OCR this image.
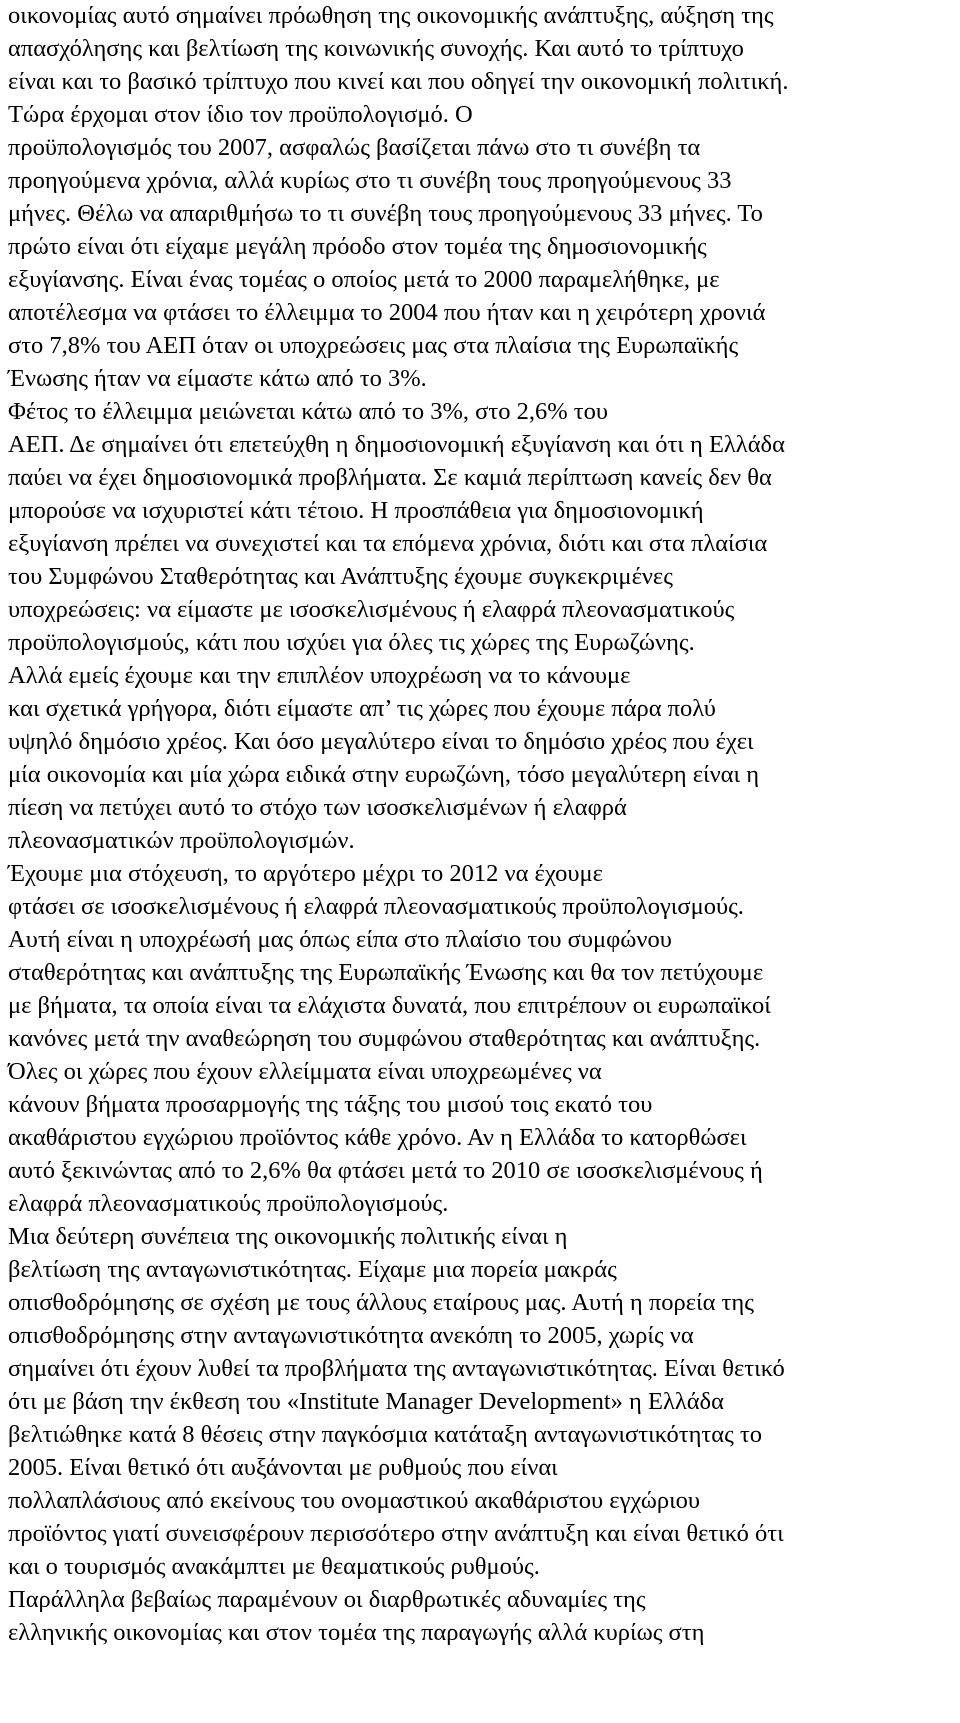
οικονομίας αυτό σημαίνει πρόωθηση της οικονομικής ανάπτυξης, αύξηση της

απασχόλησης και βελτίωση της κοινωνικής συνοχής. Και αυτό το τρίπτυχο

είναι και το βασικό τρίπτυχο που κινεί και που οδηγεί την οικονομική πολιτική.

Τώρα έρχομαι στον ίδιο τον προϋπολογισμό. Ο

προϋπολογισμός του 2007, ασφαλώς βασίζεται πάνω στο τι συνέβη τα

προηγούμενα χρόνια, αλλά κυρίως στο τι συνέβη τους προηγούμενους 33

μήνες. Θέλω να απαριθμήσω το τι συνέβη τους προηγούμενους 33 μήνες. Το

πρώτο είναι ότι είχαμε μεγάλη πρόοδο στον τομέα της δημοσιονομικής

εξυγίανσης. Είναι ένας τομέας ο οποίος μετά το 2000 παραμελήθηκε, με

αποτέλεσμα να φτάσει το έλλειμμα το 2004 που ήταν και η χειρότερη χρονιά

στο 7,8% του ΑΕΠ όταν οι υποχρεώσεις μας στα πλαίσια της Ευρωπαϊκής

Ένωσης ήταν να είμαστε κάτω από το 3%.

Φέτος το έλλειμμα μειώνεται κάτω από το 3%, στο 2,6% του

ΑΕΠ. Δε σημαίνει ότι επετεύχθη η δημοσιονομική εξυγίανση και ότι η Ελλάδα

παύει να έχει δημοσιονομικά προβλήματα. Σε καμιά περίπτωση κανείς δεν θα

μπορούσε να ισχυριστεί κάτι τέτοιο. Η προσπάθεια για δημοσιονομική

εξυγίανση πρέπει να συνεχιστεί και τα επόμενα χρόνια, διότι και στα πλαίσια

του Συμφώνου Σταθερότητας και Ανάπτυξης έχουμε συγκεκριμένες

υποχρεώσεις: να είμαστε με ισοσκελισμένους ή ελαφρά πλεονασματικούς

προϋπολογισμούς, κάτι που ισχύει για όλες τις χώρες της Ευρωζώνης.

Αλλά εμείς έχουμε και την επιπλέον υποχρέωση να το κάνουμε

και σχετικά γρήγορα, διότι είμαστε απ’ τις χώρες που έχουμε πάρα πολύ

υψηλό δημόσιο χρέος. Και όσο μεγαλύτερο είναι το δημόσιο χρέος που έχει

μία οικονομία και μία χώρα ειδικά στην ευρωζώνη, τόσο μεγαλύτερη είναι η

πίεση να πετύχει αυτό το στόχο των ισοσκελισμένων ή ελαφρά

πλεονασματικών προϋπολογισμών.

Έχουμε μια στόχευση, το αργότερο μέχρι το 2012 να έχουμε

φτάσει σε ισοσκελισμένους ή ελαφρά πλεονασματικούς προϋπολογισμούς.

Αυτή είναι η υποχρέωσή μας όπως είπα στο πλαίσιο του συμφώνου

σταθερότητας και ανάπτυξης της Ευρωπαϊκής Ένωσης και θα τον πετύχουμε

με βήματα, τα οποία είναι τα ελάχιστα δυνατά, που επιτρέπουν οι ευρωπαϊκοί

κανόνες μετά την αναθεώρηση του συμφώνου σταθερότητας και ανάπτυξης.

Όλες οι χώρες που έχουν ελλείμματα είναι υποχρεωμένες να

κάνουν βήματα προσαρμογής της τάξης του μισού τοις εκατό του

ακαθάριστου εγχώριου προϊόντος κάθε χρόνο. Αν η Ελλάδα το κατορθώσει

αυτό ξεκινώντας από το 2,6% θα φτάσει μετά το 2010 σε ισοσκελισμένους ή

ελαφρά πλεονασματικούς προϋπολογισμούς.

Μια δεύτερη συνέπεια της οικονομικής πολιτικής είναι η

βελτίωση της ανταγωνιστικότητας. Είχαμε μια πορεία μακράς

οπισθοδρόμησης σε σχέση με τους άλλους εταίρους μας. Αυτή η πορεία της

οπισθοδρόμησης στην ανταγωνιστικότητα ανεκόπη το 2005, χωρίς να

σημαίνει ότι έχουν λυθεί τα προβλήματα της ανταγωνιστικότητας. Είναι θετικό

ότι με βάση την έκθεση του «Institute Manager Development» η Ελλάδα

βελτιώθηκε κατά 8 θέσεις στην παγκόσμια κατάταξη ανταγωνιστικότητας το

2005. Είναι θετικό ότι αυξάνονται με ρυθμούς που είναι

πολλαπλάσιους από εκείνους του ονομαστικού ακαθάριστου εγχώριου

προϊόντος γιατί συνεισφέρουν περισσότερο στην ανάπτυξη και είναι θετικό ότι

και ο τουρισμός ανακάμπτει με θεαματικούς ρυθμούς.

Παράλληλα βεβαίως παραμένουν οι διαρθρωτικές αδυναμίες της

ελληνικής οικονομίας και στον τομέα της παραγωγής αλλά κυρίως στη
